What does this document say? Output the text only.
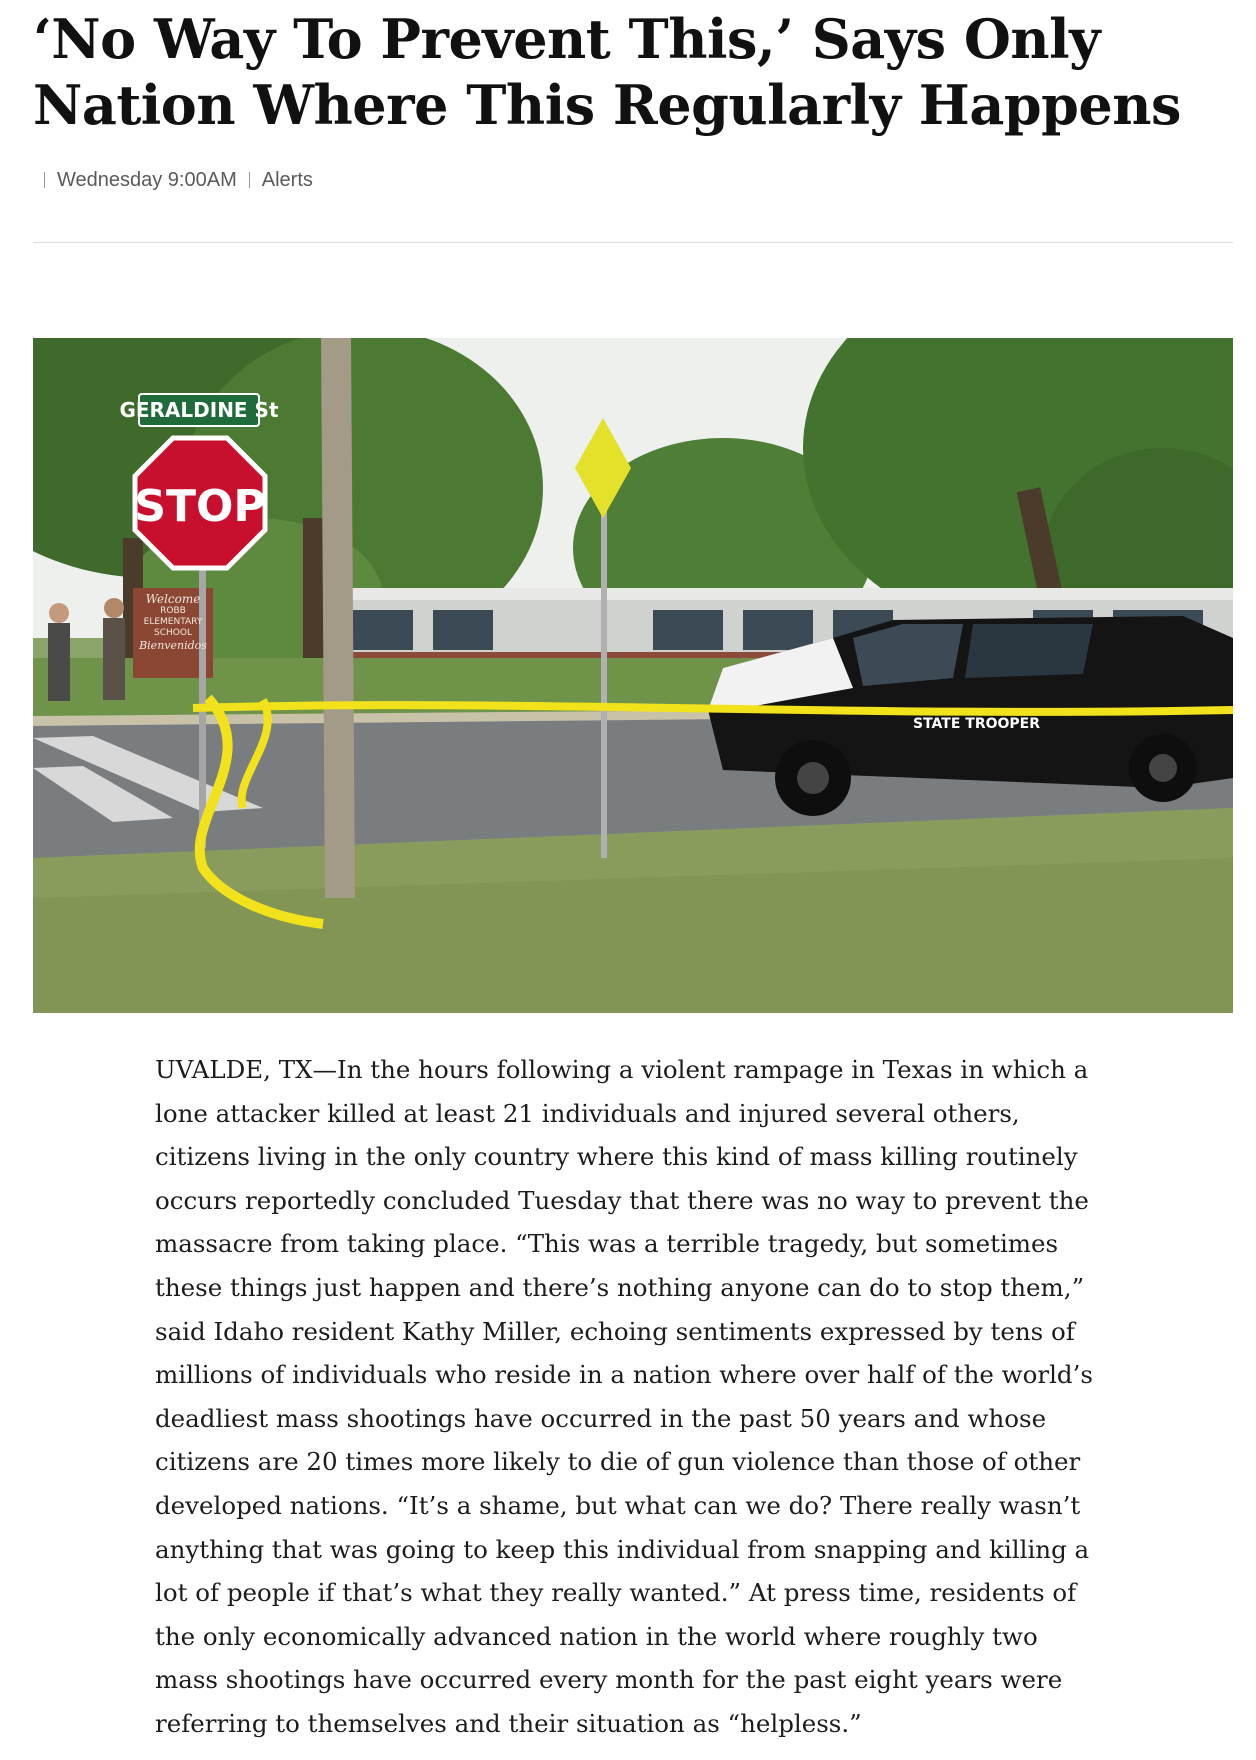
‘No Way To Prevent This,’ Says Only Nation Where This Regularly Happens
Wednesday 9:00AM Alerts
GERALDINE St
STOP
STATE TROOPER
Welcome
ROBB
ELEMENTARY
SCHOOL
Bienvenidos

UVALDE, TX—In the hours following a violent rampage in Texas in which a lone attacker killed at least 21 individuals and injured several others, citizens living in the only country where this kind of mass killing routinely occurs reportedly concluded Tuesday that there was no way to prevent the massacre from taking place. “This was a terrible tragedy, but sometimes these things just happen and there’s nothing anyone can do to stop them,” said Idaho resident Kathy Miller, echoing sentiments expressed by tens of millions of individuals who reside in a nation where over half of the world’s deadliest mass shootings have occurred in the past 50 years and whose citizens are 20 times more likely to die of gun violence than those of other developed nations. “It’s a shame, but what can we do? There really wasn’t anything that was going to keep this individual from snapping and killing a lot of people if that’s what they really wanted.” At press time, residents of the only economically advanced nation in the world where roughly two mass shootings have occurred every month for the past eight years were referring to themselves and their situation as “helpless.”
